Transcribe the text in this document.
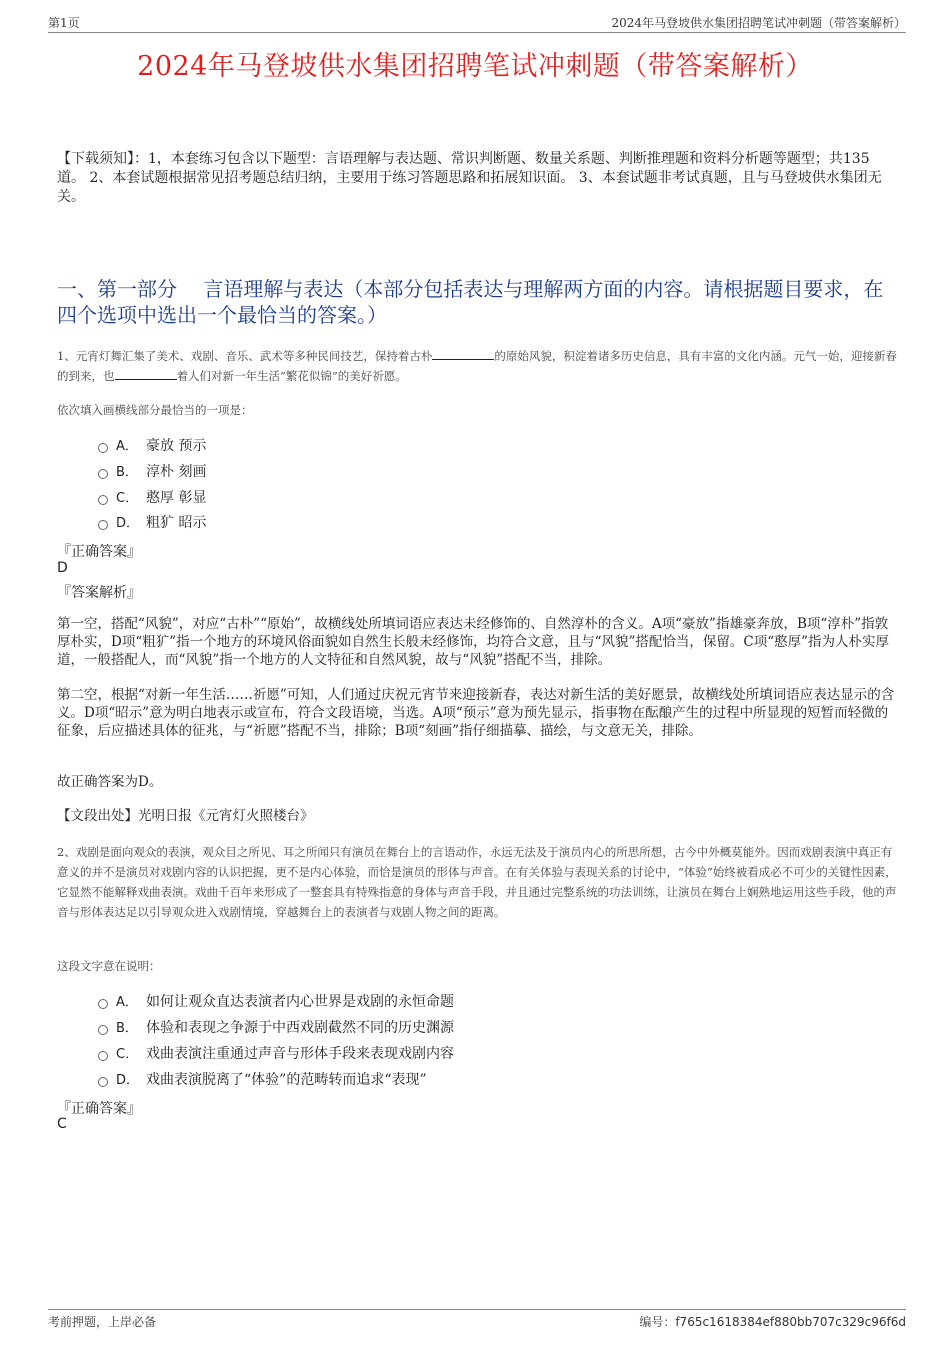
第1页	2024年马登坡供水集团招聘笔试冲刺题（带答案解析）
2024年马登坡供水集团招聘笔试冲刺题（带答案解析）
【下载须知】：1，本套练习包含以下题型：言语理解与表达题、常识判断题、数量关系题、判断推理题和资料分析题等题型；共135道。 2、本套试题根据常见招考题总结归纳，主要用于练习答题思路和拓展知识面。 3、本套试题非考试真题，且与马登坡供水集团无关。
一、第一部分　 言语理解与表达（本部分包括表达与理解两方面的内容。请根据题目要求，在四个选项中选出一个最恰当的答案。）
1、元宵灯舞汇集了美术、戏剧、音乐、武术等多种民间技艺，保持着古朴	的原始风貌，积淀着诸多历史信息，具有丰富的文化内涵。元气一始，迎接新春的到来，也	着人们对新一年生活“繁花似锦”的美好祈愿。
依次填入画横线部分最恰当的一项是：
A． 豪放 预示
B． 淳朴 刻画
C． 憨厚 彰显
D． 粗犷 昭示
『正确答案』
D
『答案解析』
第一空，搭配“风貌”，对应“古朴”“原始”，故横线处所填词语应表达未经修饰的、自然淳朴的含义。A项“豪放”指雄豪奔放，B项“淳朴”指敦厚朴实，D项“粗犷”指一个地方的环境风俗面貌如自然生长般未经修饰，均符合文意，且与“风貌”搭配恰当，保留。C项“憨厚”指为人朴实厚道，一般搭配人，而“风貌”指一个地方的人文特征和自然风貌，故与“风貌”搭配不当，排除。
第二空，根据“对新一年生活……祈愿”可知，人们通过庆祝元宵节来迎接新春，表达对新生活的美好愿景，故横线处所填词语应表达显示的含义。D项“昭示”意为明白地表示或宣布，符合文段语境，当选。A项“预示”意为预先显示，指事物在酝酿产生的过程中所显现的短暂而轻微的征象，后应描述具体的征兆，与“祈愿”搭配不当，排除；B项“刻画”指仔细描摹、描绘，与文意无关，排除。
故正确答案为D。
【文段出处】光明日报《元宵灯火照楼台》
2、戏剧是面向观众的表演，观众目之所见、耳之所闻只有演员在舞台上的言语动作，永远无法及于演员内心的所思所想，古今中外概莫能外。因而戏剧表演中真正有意义的并不是演员对戏剧内容的认识把握，更不是内心体验，而恰是演员的形体与声音。在有关体验与表现关系的讨论中，“体验”始终被看成必不可少的关键性因素，它显然不能解释戏曲表演。戏曲千百年来形成了一整套具有特殊指意的身体与声音手段，并且通过完整系统的功法训练，让演员在舞台上娴熟地运用这些手段，他的声音与形体表达足以引导观众进入戏剧情境，穿越舞台上的表演者与戏剧人物之间的距离。
这段文字意在说明：
A． 如何让观众直达表演者内心世界是戏剧的永恒命题
B． 体验和表现之争源于中西戏剧截然不同的历史渊源
C． 戏曲表演注重通过声音与形体手段来表现戏剧内容
D． 戏曲表演脱离了“体验”的范畴转而追求“表现”
『正确答案』
C
考前押题，上岸必备	编号：f765c1618384ef880bb707c329c96f6d
